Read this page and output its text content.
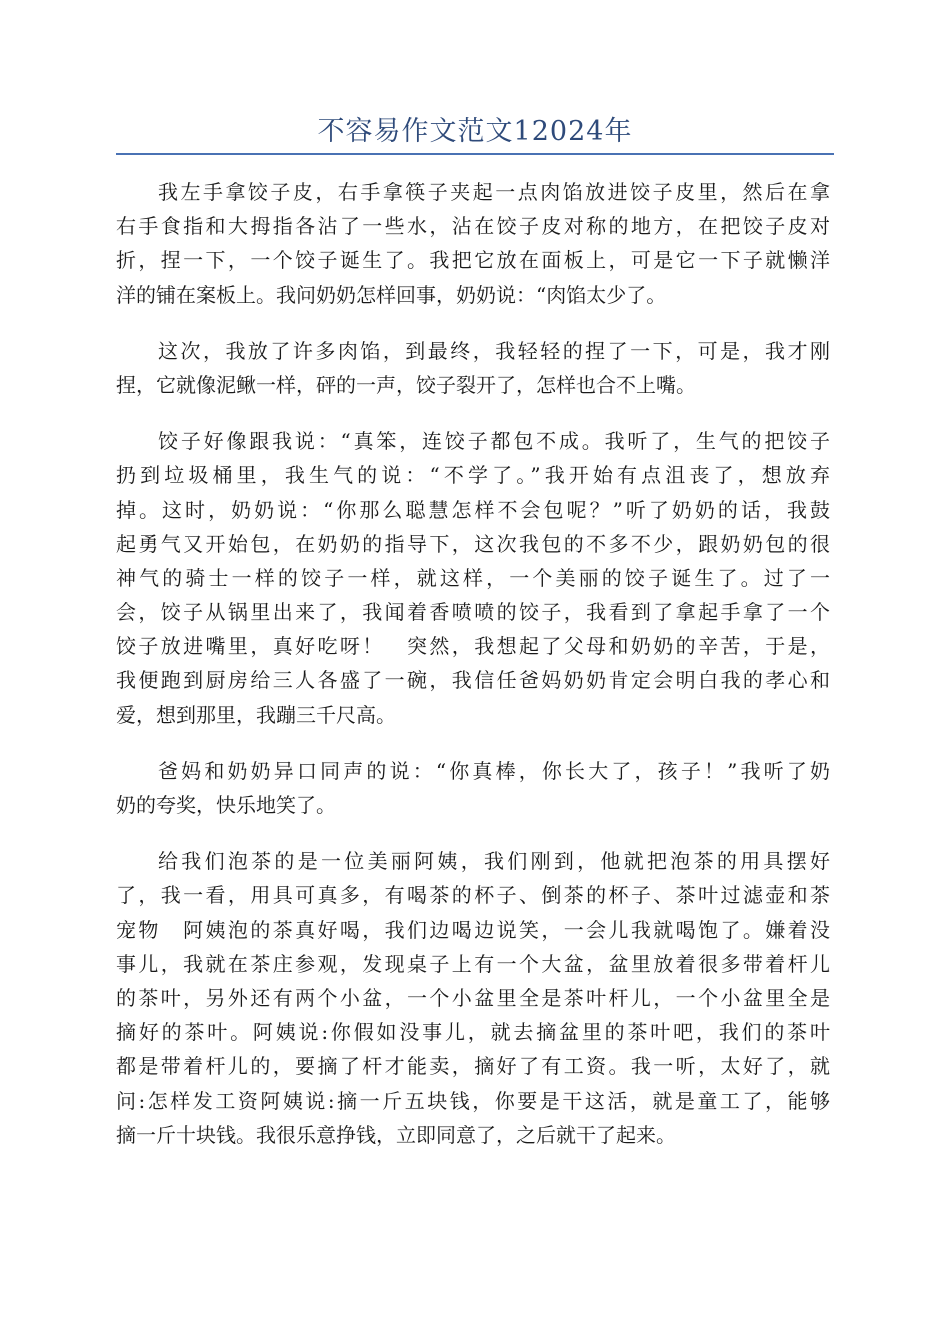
不容易作文范文12024年
我左手拿饺子皮，右手拿筷子夹起一点肉馅放进饺子皮里，然后在拿
右手食指和大拇指各沾了一些水，沾在饺子皮对称的地方，在把饺子皮对
折，捏一下，一个饺子诞生了。我把它放在面板上，可是它一下子就懒洋
洋的铺在案板上。我问奶奶怎样回事，奶奶说：“肉馅太少了。
这次，我放了许多肉馅，到最终，我轻轻的捏了一下，可是，我才刚
捏，它就像泥鳅一样，砰的一声，饺子裂开了，怎样也合不上嘴。
饺子好像跟我说：“真笨，连饺子都包不成。我听了，生气的把饺子
扔到垃圾桶里，我生气的说：“不学了。”我开始有点沮丧了，想放弃
掉。这时，奶奶说：“你那么聪慧怎样不会包呢？”听了奶奶的话，我鼓
起勇气又开始包，在奶奶的指导下，这次我包的不多不少，跟奶奶包的很
神气的骑士一样的饺子一样，就这样，一个美丽的饺子诞生了。过了一
会，饺子从锅里出来了，我闻着香喷喷的饺子，我看到了拿起手拿了一个
饺子放进嘴里，真好吃呀！　突然，我想起了父母和奶奶的辛苦，于是，
我便跑到厨房给三人各盛了一碗，我信任爸妈奶奶肯定会明白我的孝心和
爱，想到那里，我蹦三千尺高。
爸妈和奶奶异口同声的说：“你真棒，你长大了，孩子！”我听了奶
奶的夸奖，快乐地笑了。
给我们泡茶的是一位美丽阿姨，我们刚到，他就把泡茶的用具摆好
了，我一看，用具可真多，有喝茶的杯子、倒茶的杯子、茶叶过滤壶和茶
宠物　阿姨泡的茶真好喝，我们边喝边说笑，一会儿我就喝饱了。嫌着没
事儿，我就在茶庄参观，发现桌子上有一个大盆，盆里放着很多带着杆儿
的茶叶，另外还有两个小盆，一个小盆里全是茶叶杆儿，一个小盆里全是
摘好的茶叶。阿姨说:你假如没事儿，就去摘盆里的茶叶吧，我们的茶叶
都是带着杆儿的，要摘了杆才能卖，摘好了有工资。我一听，太好了，就
问:怎样发工资阿姨说:摘一斤五块钱，你要是干这活，就是童工了，能够
摘一斤十块钱。我很乐意挣钱，立即同意了，之后就干了起来。
